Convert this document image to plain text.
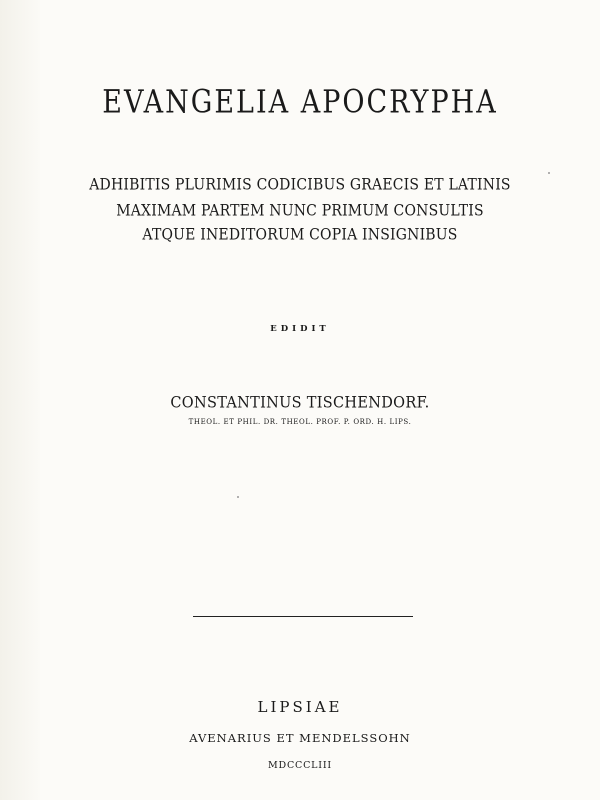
EVANGELIA APOCRYPHA
ADHIBITIS PLURIMIS CODICIBUS GRAECIS ET LATINIS
MAXIMAM PARTEM NUNC PRIMUM CONSULTIS
ATQUE INEDITORUM COPIA INSIGNIBUS
EDIDIT
CONSTANTINUS TISCHENDORF.
THEOL. ET PHIL. DR. THEOL. PROF. P. ORD. H. LIPS.
LIPSIAE
AVENARIUS ET MENDELSSOHN
MDCCCLIII
